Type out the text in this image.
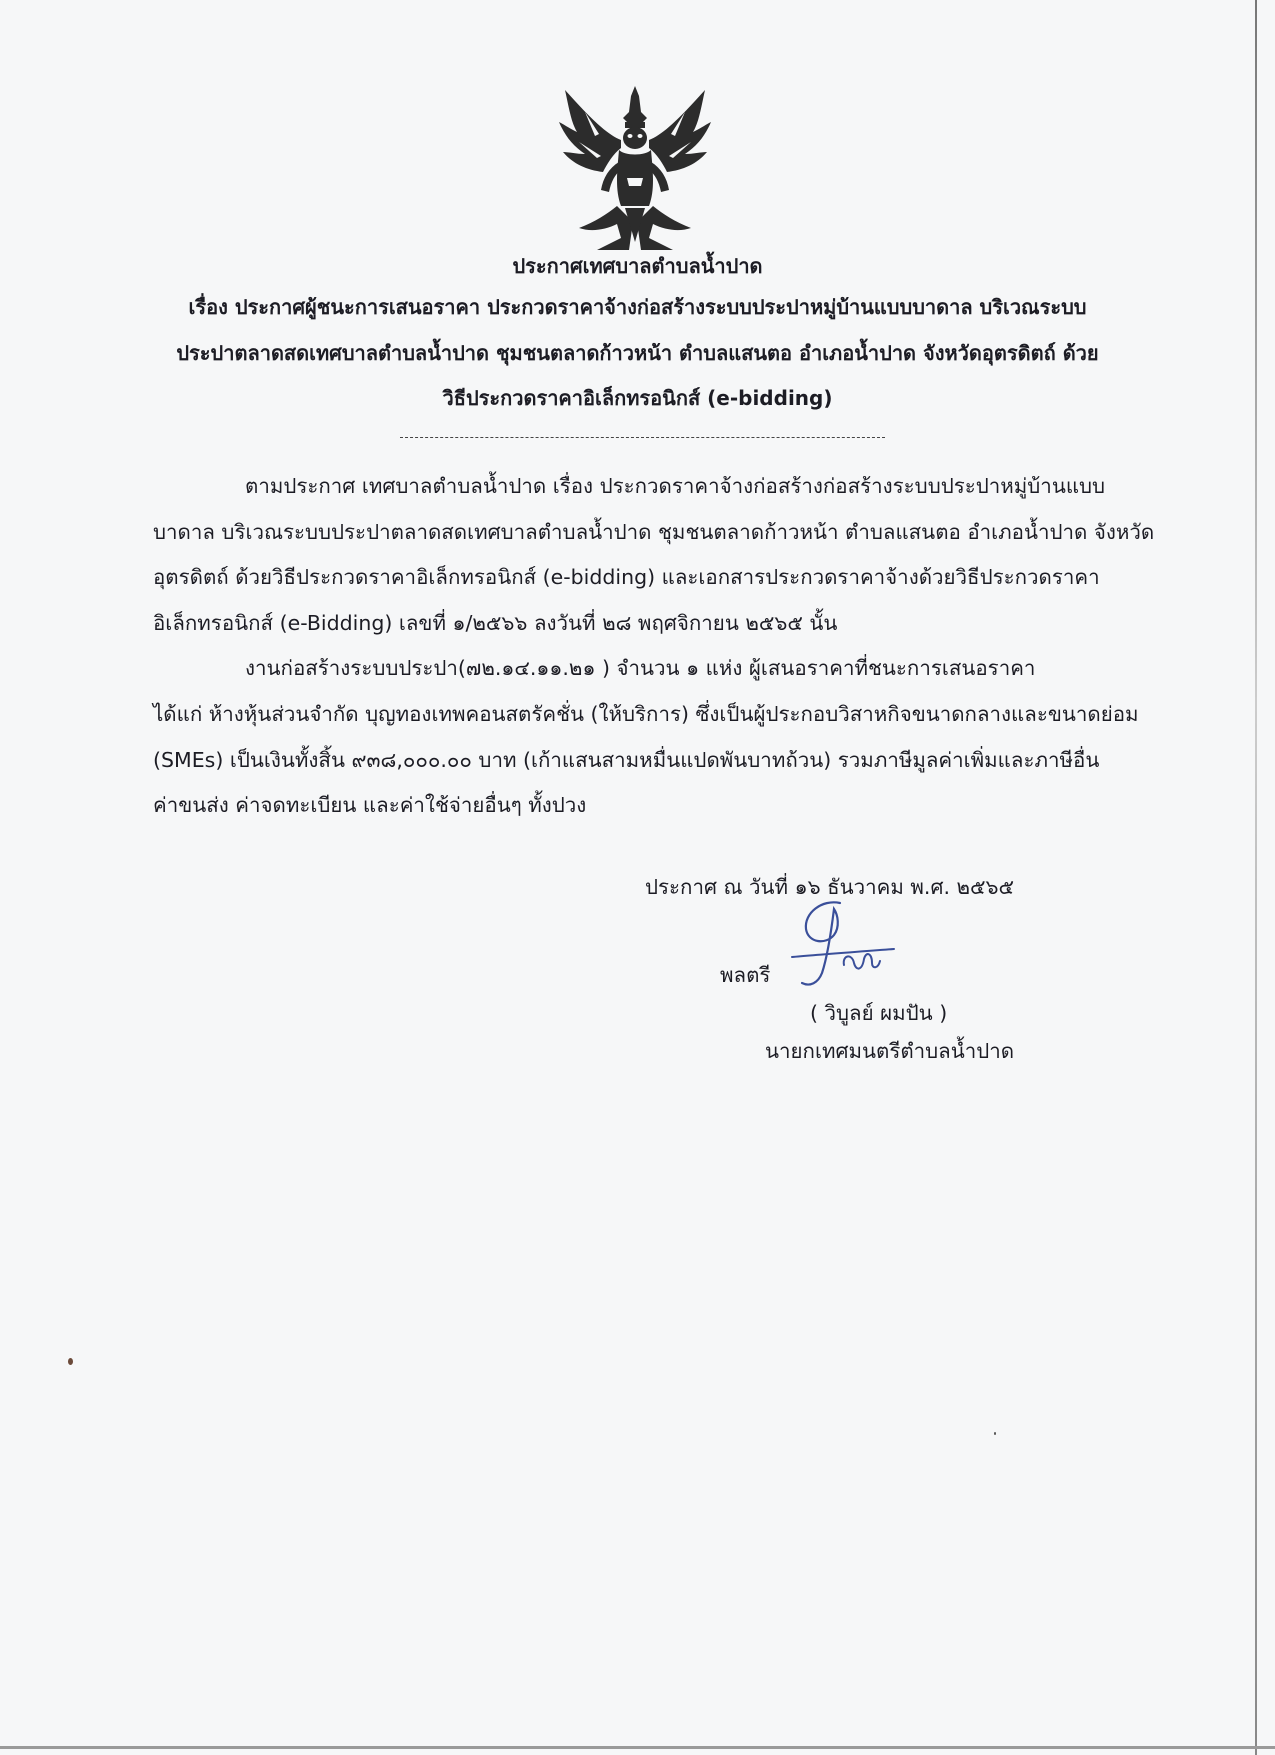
ประกาศเทศบาลตำบลน้ำปาด
เรื่อง ประกาศผู้ชนะการเสนอราคา ประกวดราคาจ้างก่อสร้างระบบประปาหมู่บ้านแบบบาดาล บริเวณระบบ
ประปาตลาดสดเทศบาลตำบลน้ำปาด ชุมชนตลาดก้าวหน้า ตำบลแสนตอ อำเภอน้ำปาด จังหวัดอุตรดิตถ์ ด้วย
วิธีประกวดราคาอิเล็กทรอนิกส์ (e-bidding)
ตามประกาศ เทศบาลตำบลน้ำปาด เรื่อง ประกวดราคาจ้างก่อสร้างก่อสร้างระบบประปาหมู่บ้านแบบ
บาดาล บริเวณระบบประปาตลาดสดเทศบาลตำบลน้ำปาด ชุมชนตลาดก้าวหน้า ตำบลแสนตอ อำเภอน้ำปาด จังหวัด
อุตรดิตถ์ ด้วยวิธีประกวดราคาอิเล็กทรอนิกส์ (e-bidding) และเอกสารประกวดราคาจ้างด้วยวิธีประกวดราคา
อิเล็กทรอนิกส์ (e-Bidding) เลขที่ ๑/๒๕๖๖ ลงวันที่ ๒๘ พฤศจิกายน ๒๕๖๕ นั้น
งานก่อสร้างระบบประปา(๗๒.๑๔.๑๑.๒๑ ) จำนวน ๑ แห่ง ผู้เสนอราคาที่ชนะการเสนอราคา
ได้แก่ ห้างหุ้นส่วนจำกัด บุญทองเทพคอนสตรัคชั่น (ให้บริการ) ซึ่งเป็นผู้ประกอบวิสาหกิจขนาดกลางและขนาดย่อม
(SMEs) เป็นเงินทั้งสิ้น ๙๓๘,๐๐๐.๐๐ บาท (เก้าแสนสามหมื่นแปดพันบาทถ้วน) รวมภาษีมูลค่าเพิ่มและภาษีอื่น
ค่าขนส่ง ค่าจดทะเบียน และค่าใช้จ่ายอื่นๆ ทั้งปวง
ประกาศ ณ วันที่ ๑๖ ธันวาคม พ.ศ. ๒๕๖๕
พลตรี
( วิบูลย์ ผมปัน )
นายกเทศมนตรีตำบลน้ำปาด
